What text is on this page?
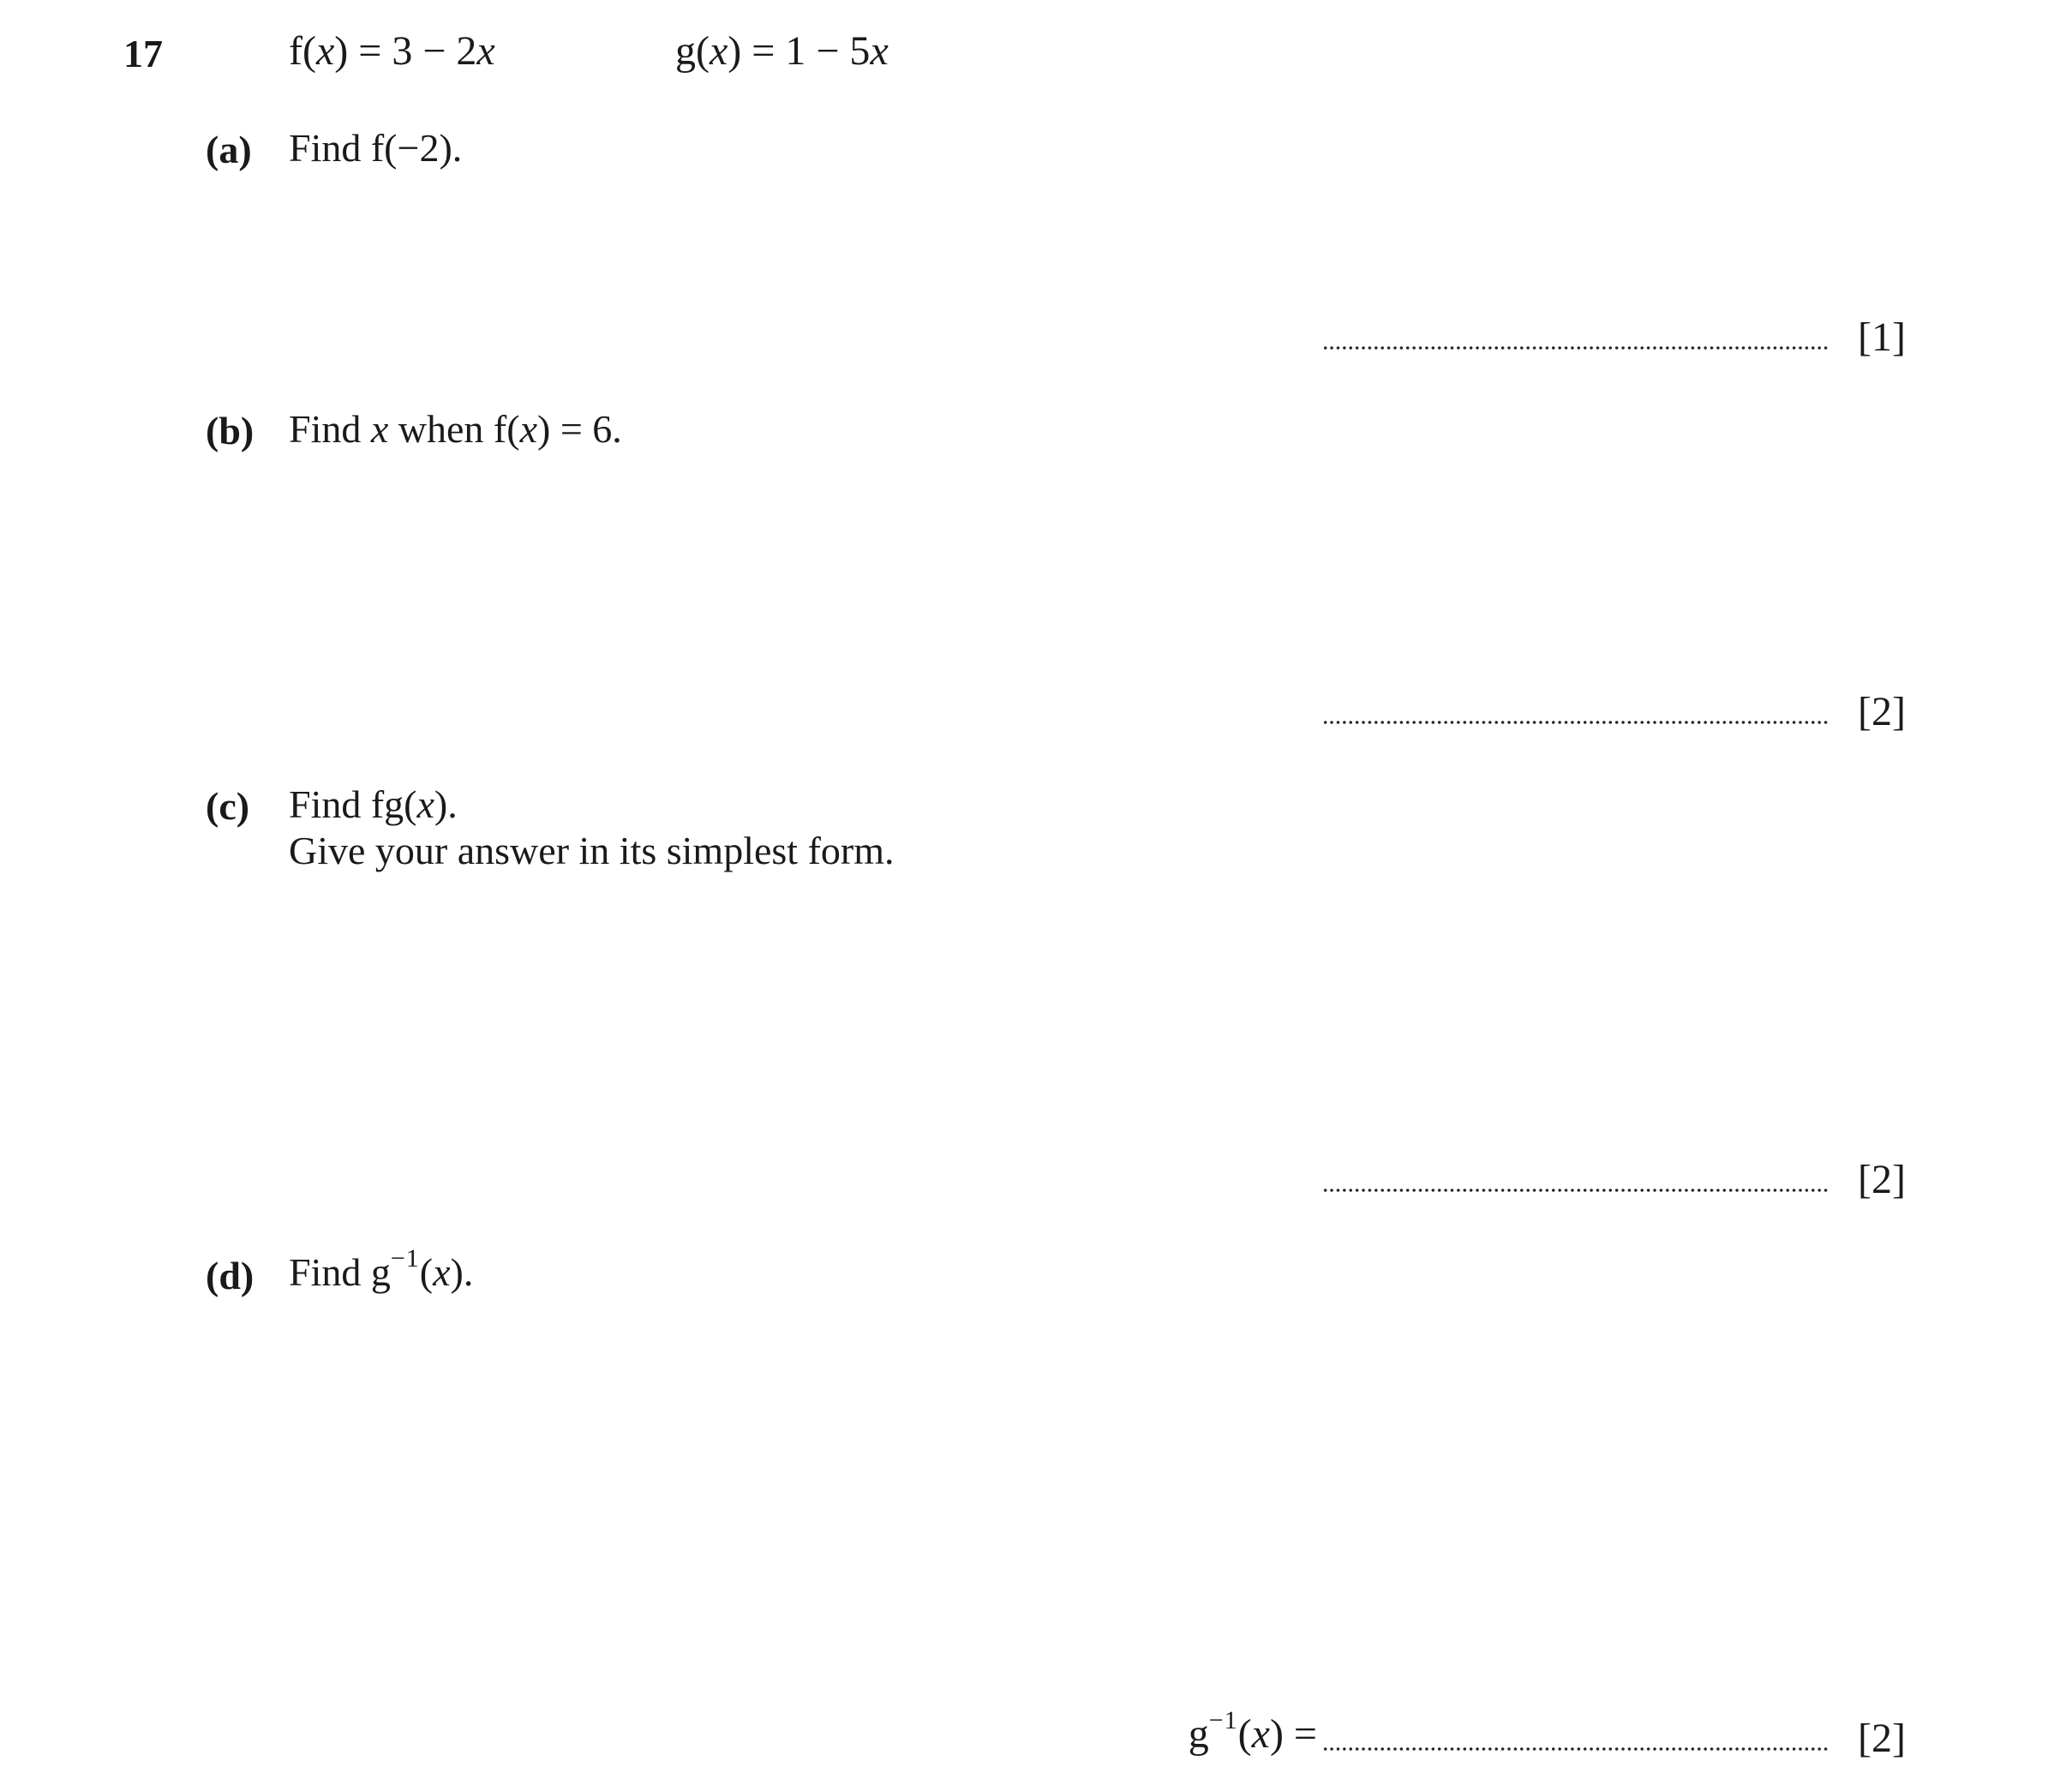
17	f(x) = 3 − 2x	g(x) = 1 − 5x
(a) Find f(−2).
[1]
(b) Find x when f(x) = 6.
[2]
(c) Find fg(x).
Give your answer in its simplest form.
[2]
(d) Find $g^{-1}(x)$.
$g^{-1}(x)$ =	[2]
